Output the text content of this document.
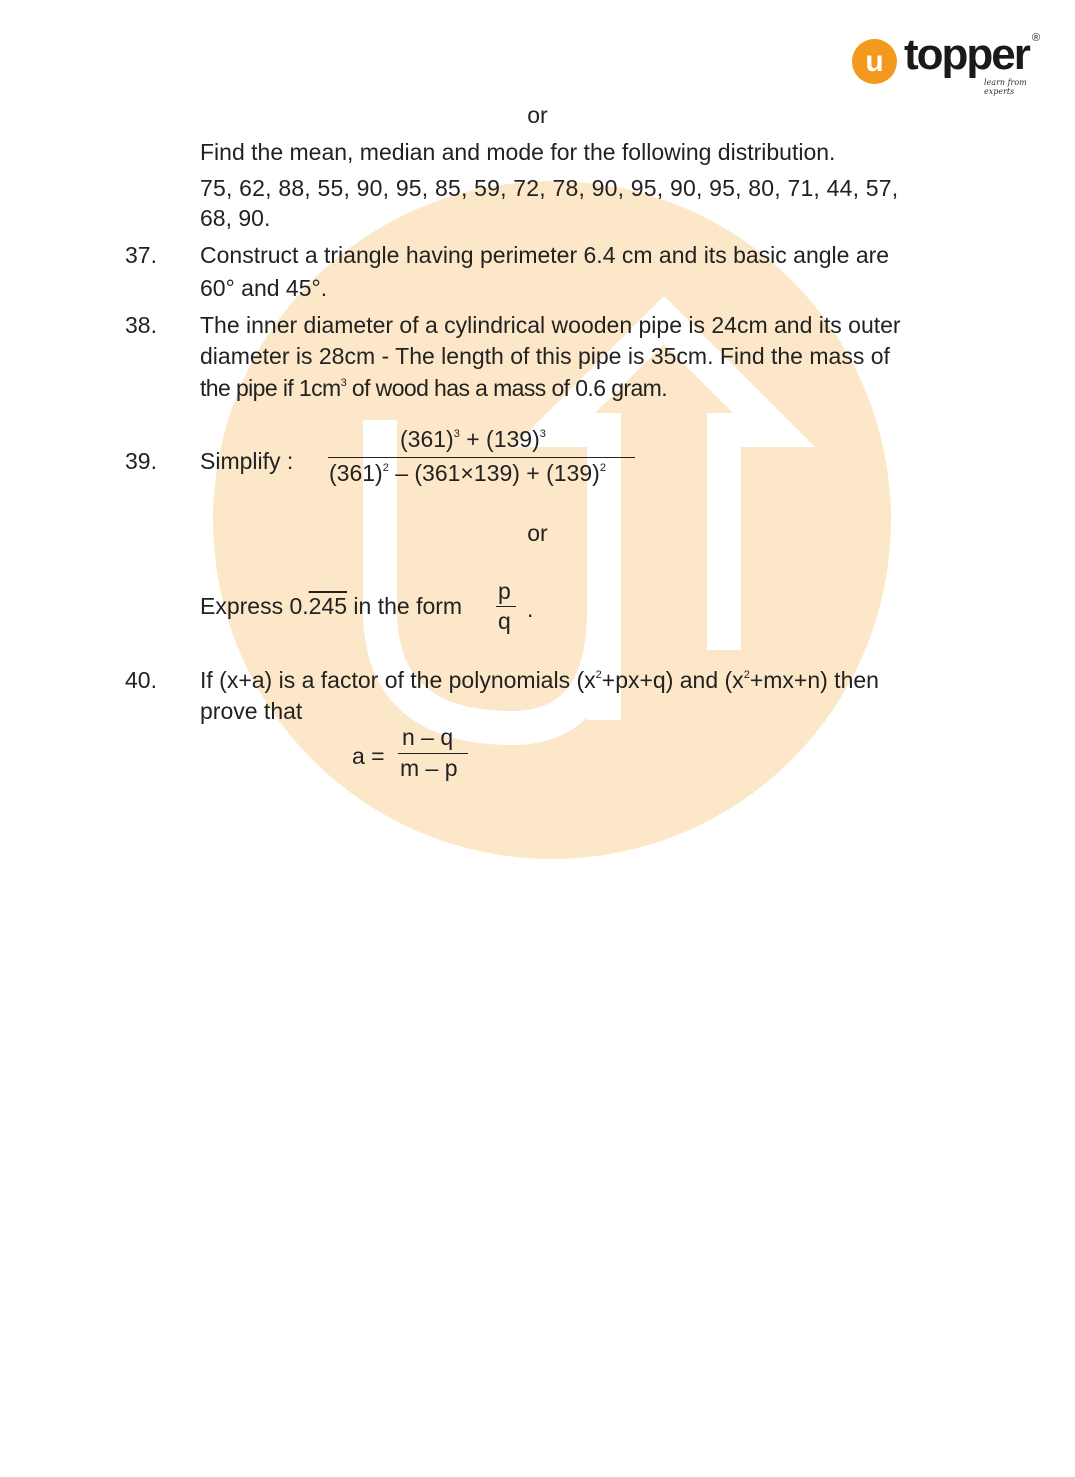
u topper ®
learn from experts
or
Find the mean, median and mode for the following distribution.
75, 62, 88, 55, 90, 95, 85, 59, 72, 78, 90, 95, 90, 95, 80, 71, 44, 57,
68, 90.
37. Construct a triangle having perimeter 6.4 cm and its basic angle are
60° and 45°.
38. The inner diameter of a cylindrical wooden pipe is 24cm and its outer
diameter is 28cm - The length of this pipe is 35cm. Find the mass of
the pipe if $1cm^3$ of wood has a mass of 0.6 gram.
39. Simplify :
$(361)^3 + (139)^3$
$(361)^2 - (361\times 139) + (139)^2$
or
Express 0.245 in the form
p
q .
40. If (x+a) is a factor of the polynomials $(x^2+px+q)$ and $(x^2+mx+n)$ then
prove that
a =
n – q
m – p
